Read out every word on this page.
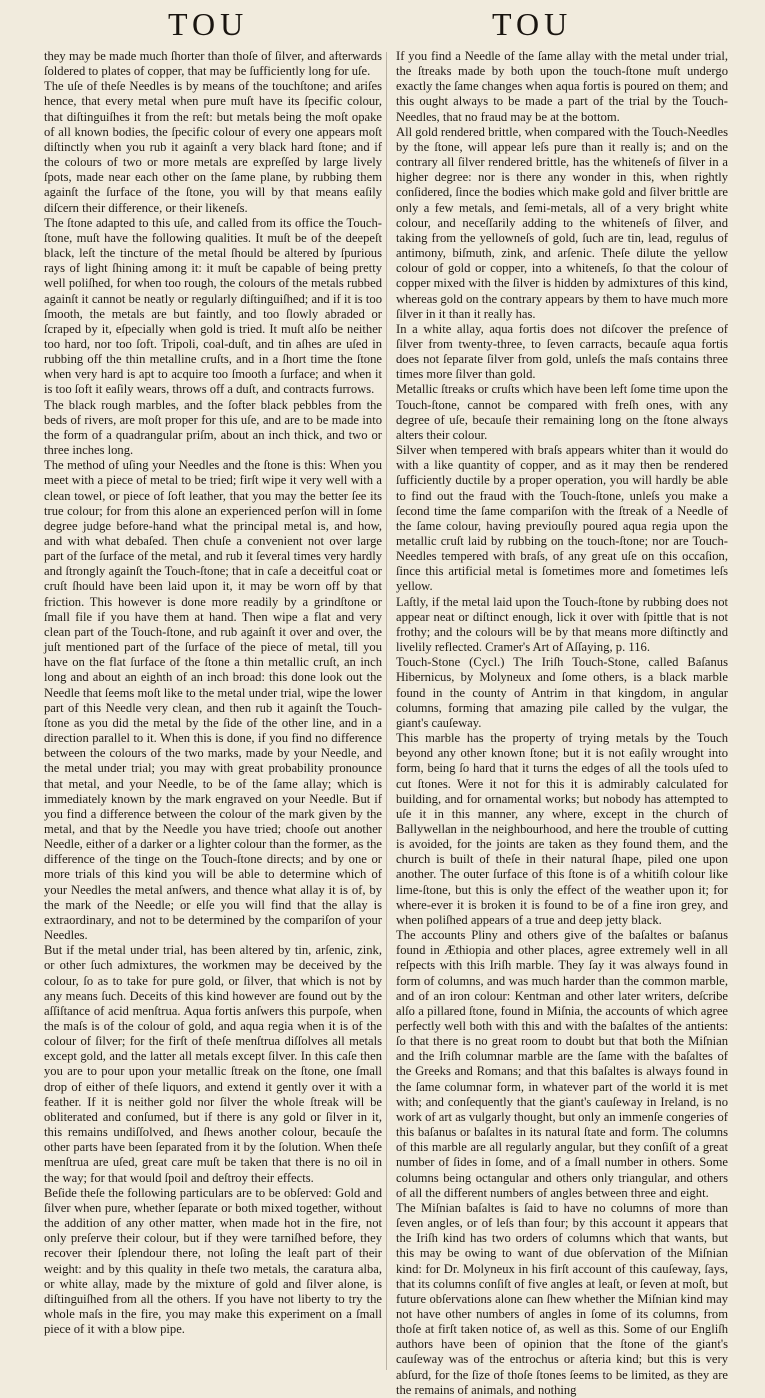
TOU	TOU

they may be made much ſhorter than thoſe of ſilver, and afterwards ſoldered to plates of copper, that may be ſufficiently long for uſe.

The uſe of theſe Needles is by means of the touchſtone; and ariſes hence, that every metal when pure muſt have its ſpecific colour, that diſtinguiſhes it from the reſt: but metals being the moſt opake of all known bodies, the ſpecific colour of every one appears moſt diſtinctly when you rub it againſt a very black hard ſtone; and if the colours of two or more metals are expreſſed by large lively ſpots, made near each other on the ſame plane, by rubbing them againſt the ſurface of the ſtone, you will by that means eaſily diſcern their difference, or their likeneſs.

The ſtone adapted to this uſe, and called from its office the Touch-ſtone, muſt have the following qualities. It muſt be of the deepeſt black, leſt the tincture of the metal ſhould be altered by ſpurious rays of light ſhining among it: it muſt be capable of being pretty well poliſhed, for when too rough, the colours of the metals rubbed againſt it cannot be neatly or regularly diſtinguiſhed; and if it is too ſmooth, the metals are but faintly, and too ſlowly abraded or ſcraped by it, eſpecially when gold is tried. It muſt alſo be neither too hard, nor too ſoft. Tripoli, coal-duſt, and tin aſhes are uſed in rubbing off the thin metalline cruſts, and in a ſhort time the ſtone when very hard is apt to acquire too ſmooth a ſurface; and when it is too ſoft it eaſily wears, throws off a duſt, and contracts furrows.

The black rough marbles, and the ſofter black pebbles from the beds of rivers, are moſt proper for this uſe, and are to be made into the form of a quadrangular priſm, about an inch thick, and two or three inches long.

The method of uſing your Needles and the ſtone is this: When you meet with a piece of metal to be tried; firſt wipe it very well with a clean towel, or piece of ſoft leather, that you may the better ſee its true colour; for from this alone an experienced perſon will in ſome degree judge before-hand what the principal metal is, and how, and with what debaſed. Then chuſe a convenient not over large part of the ſurface of the metal, and rub it ſeveral times very hardly and ſtrongly againſt the Touch-ſtone; that in caſe a deceitful coat or cruſt ſhould have been laid upon it, it may be worn off by that friction. This however is done more readily by a grindſtone or ſmall file if you have them at hand. Then wipe a flat and very clean part of the Touch-ſtone, and rub againſt it over and over, the juſt mentioned part of the ſurface of the piece of metal, till you have on the flat ſurface of the ſtone a thin metallic cruſt, an inch long and about an eighth of an inch broad: this done look out the Needle that ſeems moſt like to the metal under trial, wipe the lower part of this Needle very clean, and then rub it againſt the Touch-ſtone as you did the metal by the ſide of the other line, and in a direction parallel to it. When this is done, if you find no difference between the colours of the two marks, made by your Needle, and the metal under trial; you may with great probability pronounce that metal, and your Needle, to be of the ſame allay; which is immediately known by the mark engraved on your Needle. But if you find a difference between the colour of the mark given by the metal, and that by the Needle you have tried; chooſe out another Needle, either of a darker or a lighter colour than the former, as the difference of the tinge on the Touch-ſtone directs; and by one or more trials of this kind you will be able to determine which of your Needles the metal anſwers, and thence what allay it is of, by the mark of the Needle; or elſe you will find that the allay is extraordinary, and not to be determined by the compariſon of your Needles.

But if the metal under trial, has been altered by tin, arſenic, zink, or other ſuch admixtures, the workmen may be deceived by the colour, ſo as to take for pure gold, or ſilver, that which is not by any means ſuch. Deceits of this kind however are found out by the aſſiſtance of acid menſtrua. Aqua fortis anſwers this purpoſe, when the maſs is of the colour of gold, and aqua regia when it is of the colour of ſilver; for the firſt of theſe menſtrua diſſolves all metals except gold, and the latter all metals except ſilver. In this caſe then you are to pour upon your metallic ſtreak on the ſtone, one ſmall drop of either of theſe liquors, and extend it gently over it with a feather. If it is neither gold nor ſilver the whole ſtreak will be obliterated and conſumed, but if there is any gold or ſilver in it, this remains undiſſolved, and ſhews another colour, becauſe the other parts have been ſeparated from it by the ſolution. When theſe menſtrua are uſed, great care muſt be taken that there is no oil in the way; for that would ſpoil and deſtroy their effects.

Beſide theſe the following particulars are to be obſerved: Gold and ſilver when pure, whether ſeparate or both mixed together, without the addition of any other matter, when made hot in the fire, not only preſerve their colour, but if they were tarniſhed before, they recover their ſplendour there, not loſing the leaſt part of their weight: and by this quality in theſe two metals, the caratura alba, or white allay, made by the mixture of gold and ſilver alone, is diſtinguiſhed from all the others. If you have not liberty to try the whole maſs in the fire, you may make this experiment on a ſmall piece of it with a blow pipe.

If you find a Needle of the ſame allay with the metal under trial, the ſtreaks made by both upon the touch-ſtone muſt undergo exactly the ſame changes when aqua fortis is poured on them; and this ought always to be made a part of the trial by the Touch-Needles, that no fraud may be at the bottom.

All gold rendered brittle, when compared with the Touch-Needles by the ſtone, will appear leſs pure than it really is; and on the contrary all ſilver rendered brittle, has the whiteneſs of ſilver in a higher degree: nor is there any wonder in this, when rightly conſidered, ſince the bodies which make gold and ſilver brittle are only a few metals, and ſemi-metals, all of a very bright white colour, and neceſſarily adding to the whiteneſs of ſilver, and taking from the yellowneſs of gold, ſuch are tin, lead, regulus of antimony, biſmuth, zink, and arſenic. Theſe dilute the yellow colour of gold or copper, into a whiteneſs, ſo that the colour of copper mixed with the ſilver is hidden by admixtures of this kind, whereas gold on the contrary appears by them to have much more ſilver in it than it really has.

In a white allay, aqua fortis does not diſcover the preſence of ſilver from twenty-three, to ſeven carracts, becauſe aqua fortis does not ſeparate ſilver from gold, unleſs the maſs contains three times more ſilver than gold.

Metallic ſtreaks or cruſts which have been left ſome time upon the Touch-ſtone, cannot be compared with freſh ones, with any degree of uſe, becauſe their remaining long on the ſtone always alters their colour.

Silver when tempered with braſs appears whiter than it would do with a like quantity of copper, and as it may then be rendered ſufficiently ductile by a proper operation, you will hardly be able to find out the fraud with the Touch-ſtone, unleſs you make a ſecond time the ſame compariſon with the ſtreak of a Needle of the ſame colour, having previouſly poured aqua regia upon the metallic cruſt laid by rubbing on the touch-ſtone; nor are Touch-Needles tempered with braſs, of any great uſe on this occaſion, ſince this artificial metal is ſometimes more and ſometimes leſs yellow.

Laſtly, if the metal laid upon the Touch-ſtone by rubbing does not appear neat or diſtinct enough, lick it over with ſpittle that is not frothy; and the colours will be by that means more diſtinctly and livelily reflected. Cramer's Art of Aſſaying, p. 116.

Touch-Stone (Cycl.) The Iriſh Touch-Stone, called Baſanus Hibernicus, by Molyneux and ſome others, is a black marble found in the county of Antrim in that kingdom, in angular columns, forming that amazing pile called by the vulgar, the giant's cauſeway.

This marble has the property of trying metals by the Touch beyond any other known ſtone; but it is not eaſily wrought into form, being ſo hard that it turns the edges of all the tools uſed to cut ſtones. Were it not for this it is admirably calculated for building, and for ornamental works; but nobody has attempted to uſe it in this manner, any where, except in the church of Ballywellan in the neighbourhood, and here the trouble of cutting is avoided, for the joints are taken as they found them, and the church is built of theſe in their natural ſhape, piled one upon another. The outer ſurface of this ſtone is of a whitiſh colour like lime-ſtone, but this is only the effect of the weather upon it; for where-ever it is broken it is found to be of a fine iron grey, and when poliſhed appears of a true and deep jetty black.

The accounts Pliny and others give of the baſaltes or baſanus found in Æthiopia and other places, agree extremely well in all reſpects with this Iriſh marble. They ſay it was always found in form of columns, and was much harder than the common marble, and of an iron colour: Kentman and other later writers, deſcribe alſo a pillared ſtone, found in Miſnia, the accounts of which agree perfectly well both with this and with the baſaltes of the antients: ſo that there is no great room to doubt but that both the Miſnian and the Iriſh columnar marble are the ſame with the baſaltes of the Greeks and Romans; and that this baſaltes is always found in the ſame columnar form, in whatever part of the world it is met with; and conſequently that the giant's cauſeway in Ireland, is no work of art as vulgarly thought, but only an immenſe congeries of this baſanus or baſaltes in its natural ſtate and form. The columns of this marble are all regularly angular, but they conſiſt of a great number of ſides in ſome, and of a ſmall number in others. Some columns being octangular and others only triangular, and others of all the different numbers of angles between three and eight.

The Miſnian baſaltes is ſaid to have no columns of more than ſeven angles, or of leſs than four; by this account it appears that the Iriſh kind has two orders of columns which that wants, but this may be owing to want of due obſervation of the Miſnian kind: for Dr. Molyneux in his firſt account of this cauſeway, ſays, that its columns conſiſt of five angles at leaſt, or ſeven at moſt, but future obſervations alone can ſhew whether the Miſnian kind may not have other numbers of angles in ſome of its columns, from thoſe at firſt taken notice of, as well as this. Some of our Engliſh authors have been of opinion that the ſtone of the giant's cauſeway was of the entrochus or aſteria kind; but this is very abſurd, for the ſize of thoſe ſtones ſeems to be limited, as they are the remains of animals, and nothing
